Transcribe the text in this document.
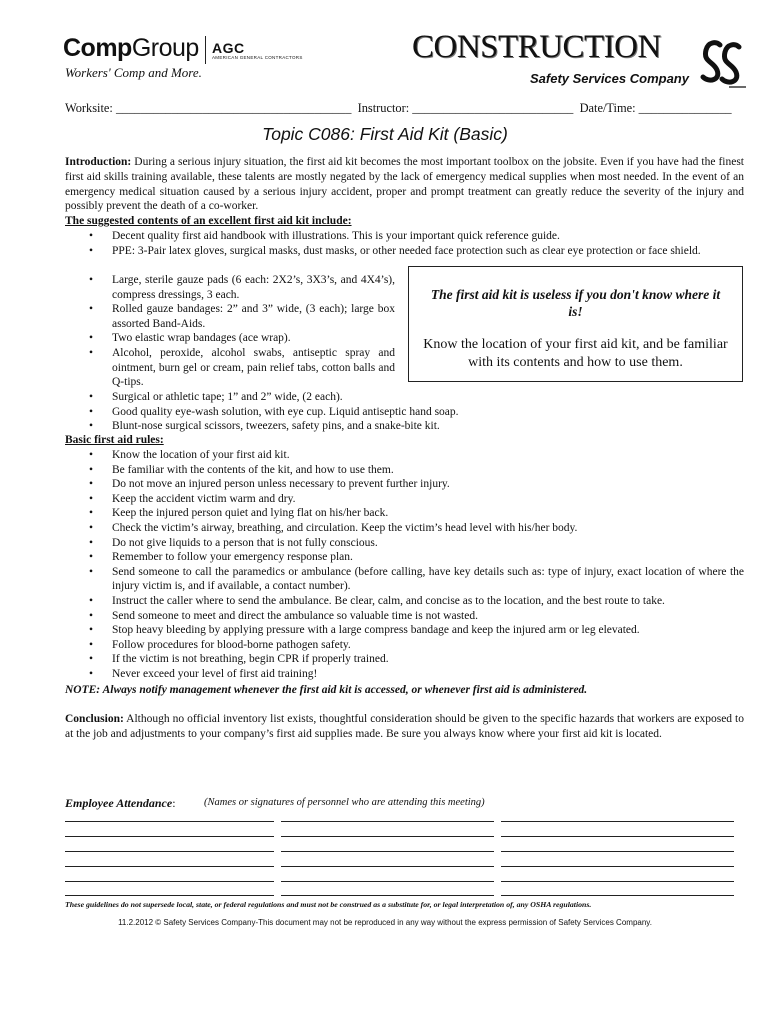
CompGroup AGC
AMERICAN GENERAL CONTRACTORS
Workers' Comp and More.
CONSTRUCTION
Safety Services Company
Worksite: ______________________________________  Instructor: __________________________  Date/Time: _______________
Topic C086: First Aid Kit (Basic)

Introduction: During a serious injury situation, the first aid kit becomes the most important toolbox on the jobsite. Even if you have had the finest first aid skills training available, these talents are mostly negated by the lack of emergency medical supplies when most needed. In the event of an emergency medical situation caused by a serious injury accident, proper and prompt treatment can greatly reduce the severity of the injury and possibly prevent the death of a co-worker.

The suggested contents of an excellent first aid kit include:
• Decent quality first aid handbook with illustrations. This is your important quick reference guide.
• PPE: 3-Pair latex gloves, surgical masks, dust masks, or other needed face protection such as clear eye protection or face shield.
• Large, sterile gauze pads (6 each: 2X2’s, 3X3’s, and 4X4’s), compress dressings, 3 each.
• Rolled gauze bandages: 2” and 3” wide, (3 each); large box assorted Band-Aids.
• Two elastic wrap bandages (ace wrap).
• Alcohol, peroxide, alcohol swabs, antiseptic spray and ointment, burn gel or cream, pain relief tabs, cotton balls and Q-tips.
The first aid kit is useless if you don't know where it is!
Know the location of your first aid kit, and be familiar with its contents and how to use them.
• Surgical or athletic tape; 1” and 2” wide, (2 each).
• Good quality eye-wash solution, with eye cup. Liquid antiseptic hand soap.
• Blunt-nose surgical scissors, tweezers, safety pins, and a snake-bite kit.
Basic first aid rules:
• Know the location of your first aid kit.
• Be familiar with the contents of the kit, and how to use them.
• Do not move an injured person unless necessary to prevent further injury.
• Keep the accident victim warm and dry.
• Keep the injured person quiet and lying flat on his/her back.
• Check the victim’s airway, breathing, and circulation. Keep the victim’s head level with his/her body.
• Do not give liquids to a person that is not fully conscious.
• Remember to follow your emergency response plan.
• Send someone to call the paramedics or ambulance (before calling, have key details such as: type of injury, exact location of where the injury victim is, and if available, a contact number).
• Instruct the caller where to send the ambulance. Be clear, calm, and concise as to the location, and the best route to take.
• Send someone to meet and direct the ambulance so valuable time is not wasted.
• Stop heavy bleeding by applying pressure with a large compress bandage and keep the injured arm or leg elevated.
• Follow procedures for blood-borne pathogen safety.
• If the victim is not breathing, begin CPR if properly trained.
• Never exceed your level of first aid training!
NOTE: Always notify management whenever the first aid kit is accessed, or whenever first aid is administered.

Conclusion: Although no official inventory list exists, thoughtful consideration should be given to the specific hazards that workers are exposed to at the job and adjustments to your company’s first aid supplies made. Be sure you always know where your first aid kit is located.

Employee Attendance:	(Names or signatures of personnel who are attending this meeting)
These guidelines do not supersede local, state, or federal regulations and must not be construed as a substitute for, or legal interpretation of, any OSHA regulations.
11.2.2012 © Safety Services Company-This document may not be reproduced in any way without the express permission of Safety Services Company.
